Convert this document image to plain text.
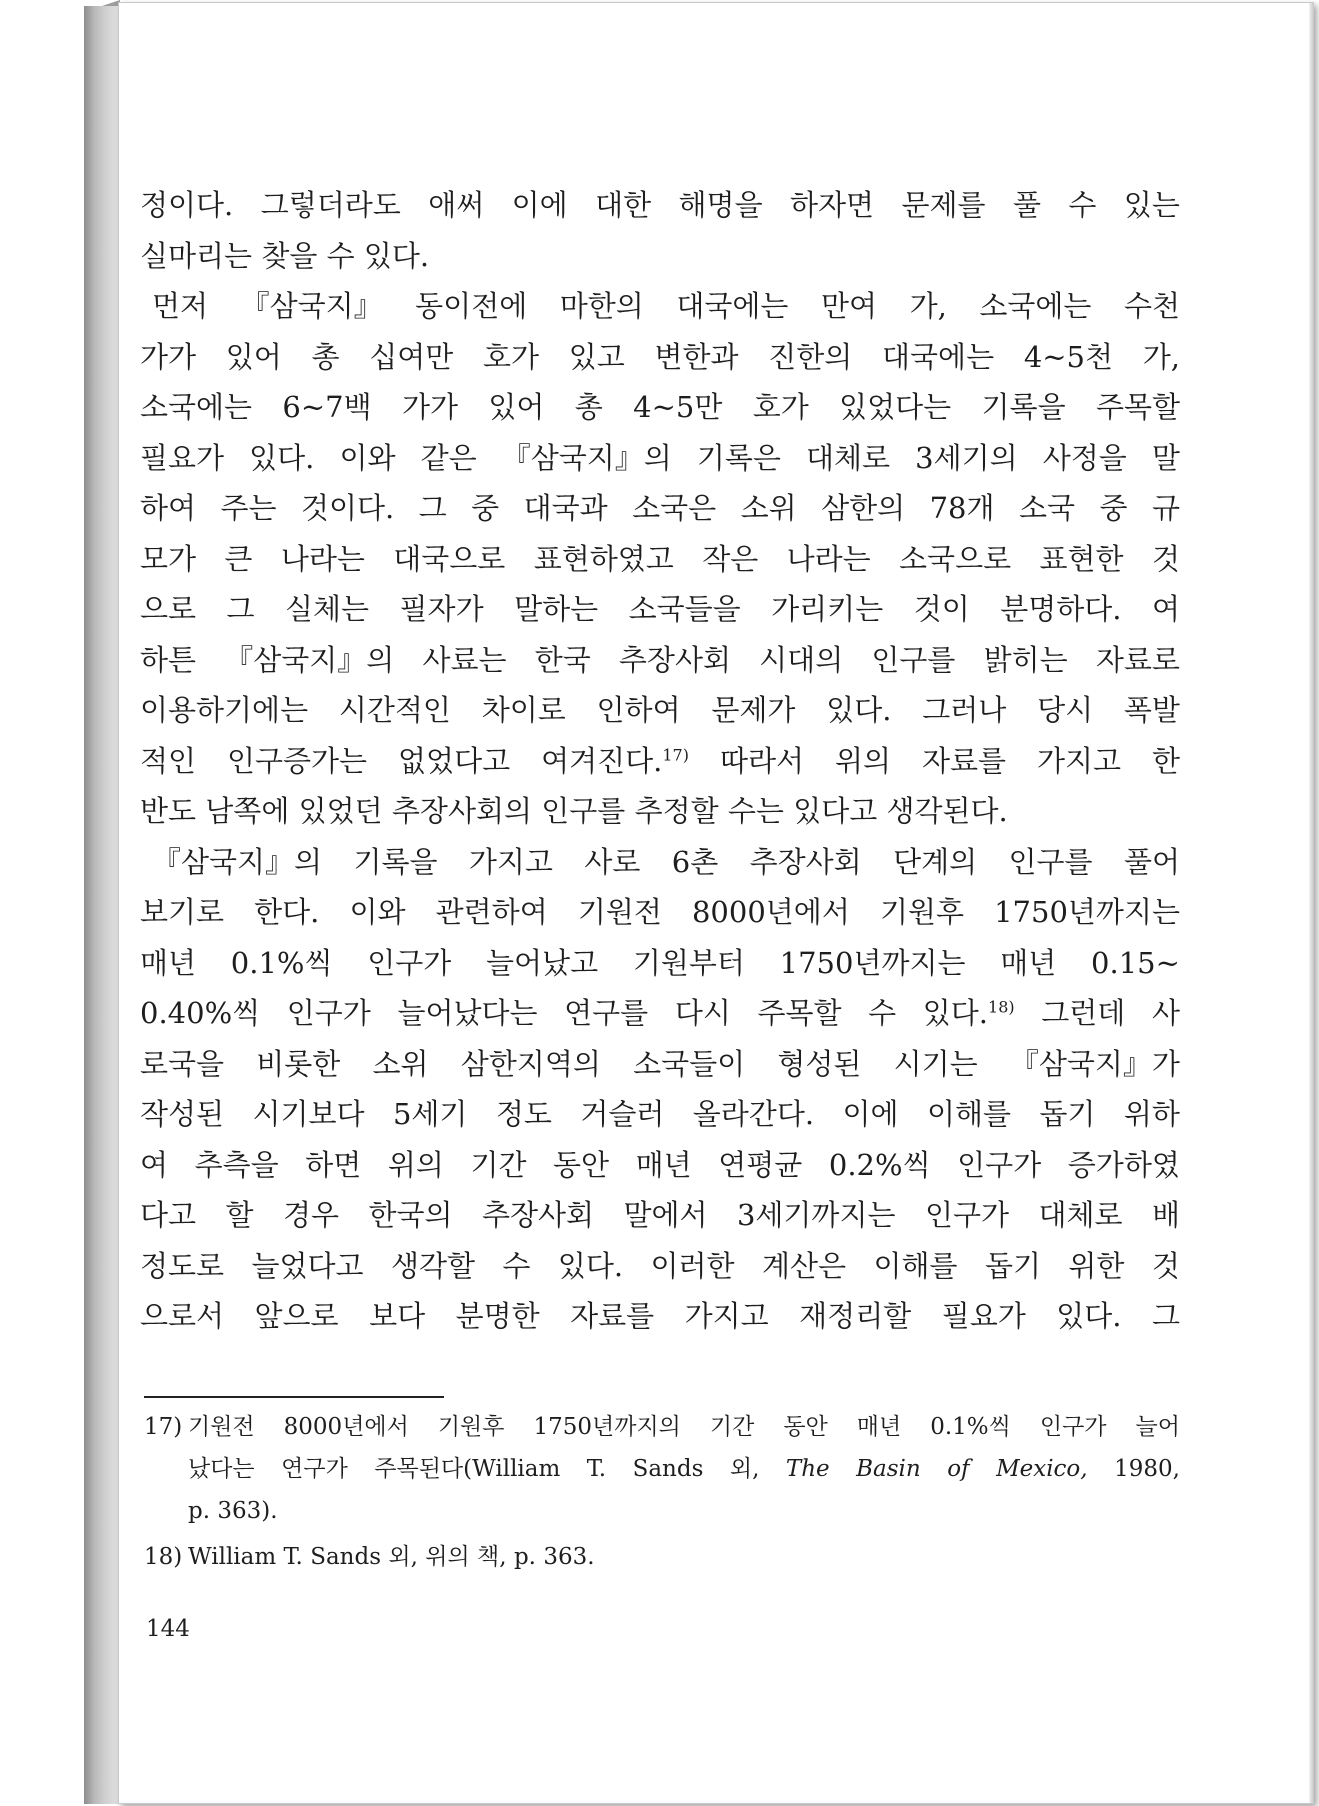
정이다. 그렇더라도 애써 이에 대한 해명을 하자면 문제를 풀 수 있는
실마리는 찾을 수 있다.
먼저 『삼국지』 동이전에 마한의 대국에는 만여 가, 소국에는 수천
가가 있어 총 십여만 호가 있고 변한과 진한의 대국에는 4~5천 가,
소국에는 6~7백 가가 있어 총 4~5만 호가 있었다는 기록을 주목할
필요가 있다. 이와 같은 『삼국지』의 기록은 대체로 3세기의 사정을 말
하여 주는 것이다. 그 중 대국과 소국은 소위 삼한의 78개 소국 중 규
모가 큰 나라는 대국으로 표현하였고 작은 나라는 소국으로 표현한 것
으로 그 실체는 필자가 말하는 소국들을 가리키는 것이 분명하다. 여
하튼 『삼국지』의 사료는 한국 추장사회 시대의 인구를 밝히는 자료로
이용하기에는 시간적인 차이로 인하여 문제가 있다. 그러나 당시 폭발
적인 인구증가는 없었다고 여겨진다.$^{17)}$ 따라서 위의 자료를 가지고 한
반도 남쪽에 있었던 추장사회의 인구를 추정할 수는 있다고 생각된다.
『삼국지』의 기록을 가지고 사로 6촌 추장사회 단계의 인구를 풀어
보기로 한다. 이와 관련하여 기원전 8000년에서 기원후 1750년까지는
매년 0.1%씩 인구가 늘어났고 기원부터 1750년까지는 매년 0.15~
0.40%씩 인구가 늘어났다는 연구를 다시 주목할 수 있다.$^{18)}$ 그런데 사
로국을 비롯한 소위 삼한지역의 소국들이 형성된 시기는 『삼국지』가
작성된 시기보다 5세기 정도 거슬러 올라간다. 이에 이해를 돕기 위하
여 추측을 하면 위의 기간 동안 매년 연평균 0.2%씩 인구가 증가하였
다고 할 경우 한국의 추장사회 말에서 3세기까지는 인구가 대체로 배
정도로 늘었다고 생각할 수 있다. 이러한 계산은 이해를 돕기 위한 것
으로서 앞으로 보다 분명한 자료를 가지고 재정리할 필요가 있다. 그
17) 기원전 8000년에서 기원후 1750년까지의 기간 동안 매년 0.1%씩 인구가 늘어
났다는 연구가 주목된다(William T. Sands 외, The Basin of Mexico, 1980,
p. 363).
18) William T. Sands 외, 위의 책, p. 363.
144
